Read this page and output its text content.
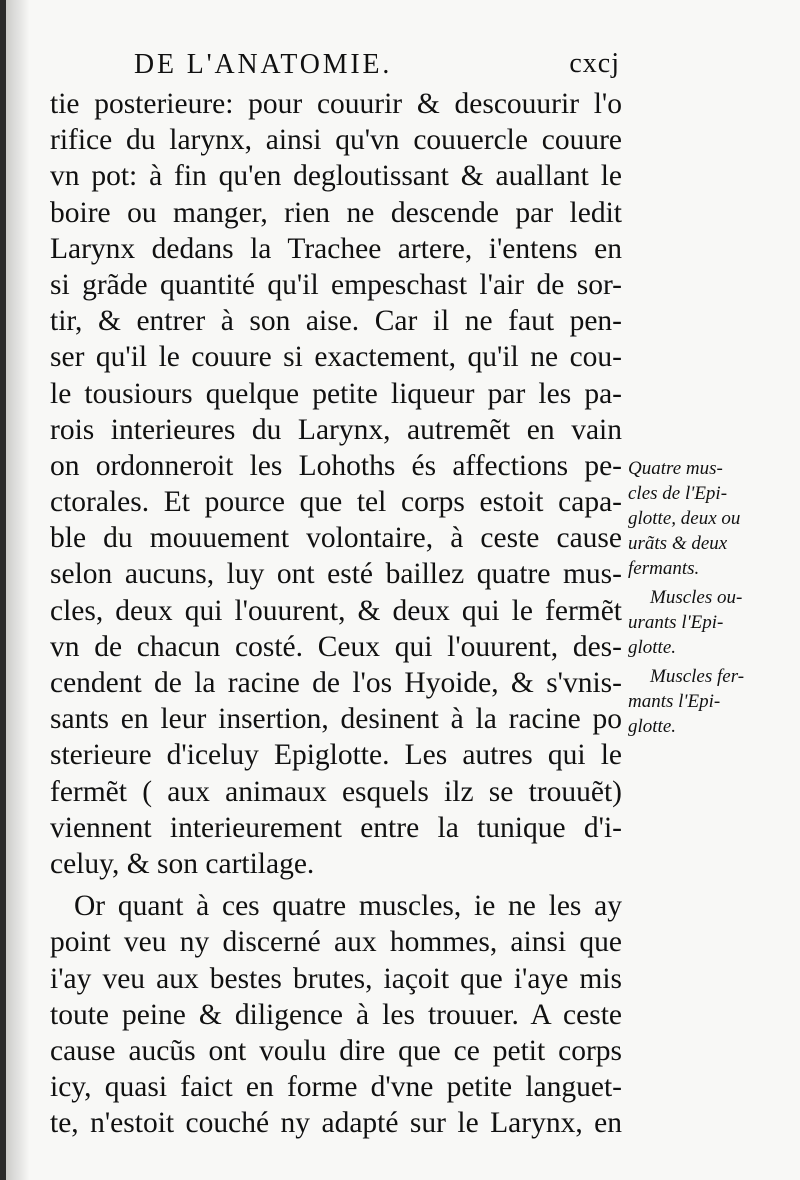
DE L'ANATOMIE.	cxcj
tie posterieure: pour couurir & descouurir l'o
rifice du larynx, ainsi qu'vn couuercle couure
vn pot: à fin qu'en degloutissant & auallant le
boire ou manger, rien ne descende par ledit
Larynx dedans la Trachee artere, i'entens en
si grãde quantité qu'il empeschast l'air de sor-
tir, & entrer à son aise. Car il ne faut pen-
ser qu'il le couure si exactement, qu'il ne cou-
le tousiours quelque petite liqueur par les pa-
rois interieures du Larynx, autremẽt en vain
on ordonneroit les Lohoths és affections pe-
ctorales. Et pource que tel corps estoit capa-
ble du mouuement volontaire, à ceste cause
selon aucuns, luy ont esté baillez quatre mus-
cles, deux qui l'ouurent, & deux qui le fermẽt
vn de chacun costé. Ceux qui l'ouurent, des-
cendent de la racine de l'os Hyoide, & s'vnis-
sants en leur insertion, desinent à la racine po
sterieure d'iceluy Epiglotte. Les autres qui le
fermẽt ( aux animaux esquels ilz se trouuẽt)
viennent interieurement entre la tunique d'i-
celuy, & son cartilage.
Or quant à ces quatre muscles, ie ne les ay
point veu ny discerné aux hommes, ainsi que
i'ay veu aux bestes brutes, iaçoit que i'aye mis
toute peine & diligence à les trouuer. A ceste
cause aucũs ont voulu dire que ce petit corps
icy, quasi faict en forme d'vne petite languet-
te, n'estoit couché ny adapté sur le Larynx, en
Quatre mus-
cles de l'Epi-
glotte, deux ou
urãts & deux
fermants.
Muscles ou-
urants l'Epi-
glotte.
Muscles fer-
mants l'Epi-
glotte.
